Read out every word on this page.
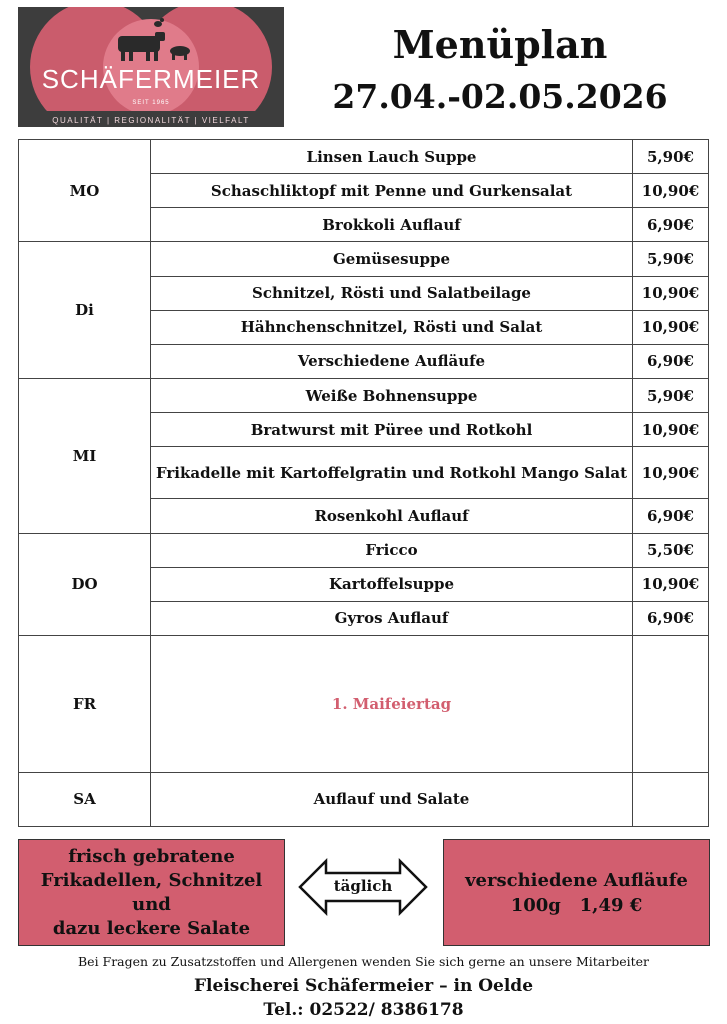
SCHÄFERMEIER
SEIT 1965
QUALITÄT | REGIONALITÄT | VIELFALT
Menüplan
27.04.-02.05.2026
MO	Linsen Lauch Suppe	5,90€
	Schaschliktopf mit Penne und Gurkensalat	10,90€
	Brokkoli Auflauf	6,90€
Di	Gemüsesuppe	5,90€
	Schnitzel, Rösti und Salatbeilage	10,90€
	Hähnchenschnitzel, Rösti und Salat	10,90€
	Verschiedene Aufläufe	6,90€
MI	Weiße Bohnensuppe	5,90€
	Bratwurst mit Püree und Rotkohl	10,90€
	Frikadelle mit Kartoffelgratin und Rotkohl Mango Salat	10,90€
	Rosenkohl Auflauf	6,90€
DO	Fricco	5,50€
	Kartoffelsuppe	10,90€
	Gyros Auflauf	6,90€
FR	1. Maifeiertag	
SA	Auflauf und Salate	
frisch gebratene
Frikadellen, Schnitzel und
dazu leckere Salate
täglich	verschiedene Aufläufe
100g   1,49 €
Bei Fragen zu Zusatzstoffen und Allergenen wenden Sie sich gerne an unsere Mitarbeiter
Fleischerei Schäfermeier – in Oelde
Tel.: 02522/ 8386178
